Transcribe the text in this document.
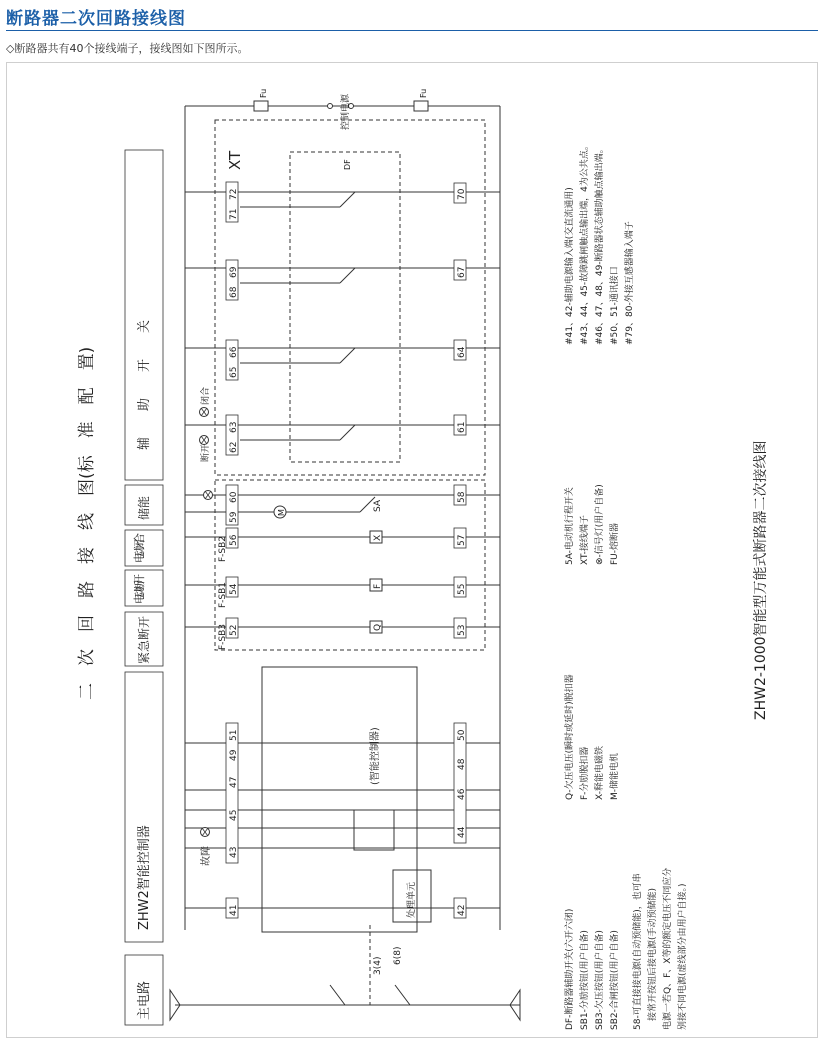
断路器二次回路接线图
◇断路器共有40个接线端子，接线图如下图所示。
主电路
ZHW2智能控制器
紧急断开
电动断开
电动闭合
储能
辅　　助　　开　　关
二　次　回　路　接　线　图(标　准　配　置)	ZHW2-1000智能型万能式断路器二次接线图
(智能控制器)
处理单元
故障
断开
闭合
控制电源
Fu	Fu
DF
XT
SA
M
F-SB3
F-SB1
F-SB2
3(4)
6(8)
Q
F
X
72
71
69
68
66
65
63
62
60
59
56
54
52
51
49
47
45
43
41
70
67
64
61
58
57
55
53
50
48
46
44
42	DF-断路器辅助开关(六开六闭) SB1-分励按钮(用户自备) SB3-欠压按钮(用户自备) SB2-合闸按钮(用户自备) 58-可直接接电源(自动预储能)，也可串 　接常开按钮后接电源(手动预储能) 电源一若Q、F、X等的额定电压不同应分 别接不同电源(虚线部分由用户自接。)
Q-欠压电压(瞬时或延时)脱扣器 F-分励脱扣器 X-释能电磁铁 M-储能电机
5A-电动机行程开关 XT-接线端子 ⊗-信号灯(用户自备) FU-熔断器
#41、42-辅助电源输入端(交直流通用) #43、44、45-故障跳闸触点输出端，4为公共点。 #46、47、48、49-断路器状态辅助触点输出端。 #50、51-通讯接口 #79、80-外接互感器输入端子
